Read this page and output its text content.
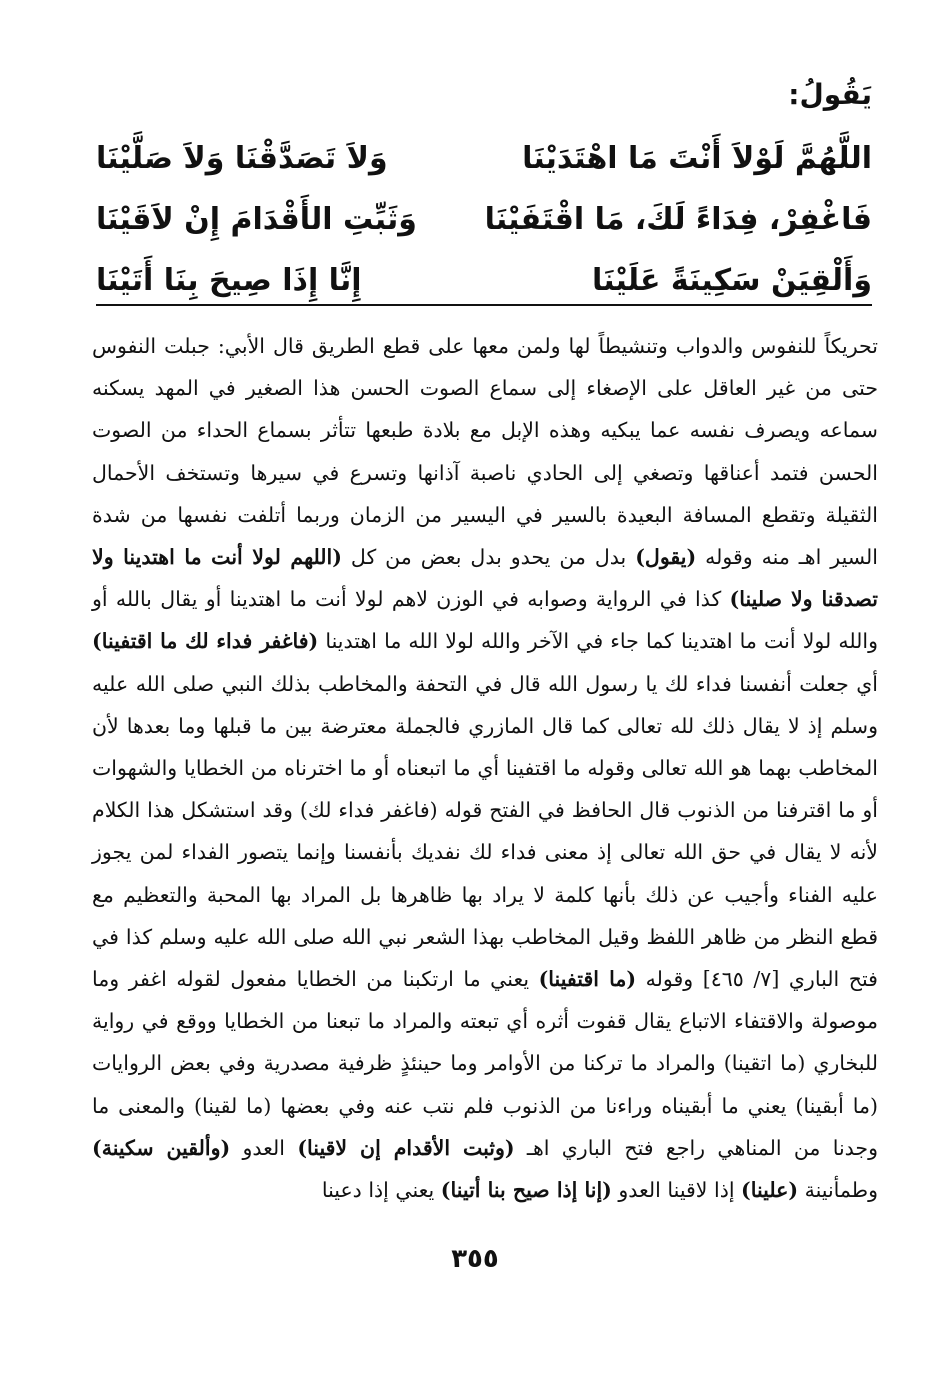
يَقُولُ:
اللَّهُمَّ لَوْلاَ أَنْتَ مَا اهْتَدَيْنَا
وَلاَ تَصَدَّقْنَا وَلاَ صَلَّيْنَا
فَاغْفِرْ، فِدَاءً لَكَ، مَا اقْتَفَيْنَا
وَثَبِّتِ الأَقْدَامَ إِنْ لاَقَيْنَا
وَأَلْقِيَنْ سَكِينَةً عَلَيْنَا
إِنَّا إِذَا صِيحَ بِنَا أَتَيْنَا
تحريكاً للنفوس والدواب وتنشيطاً لها ولمن معها على قطع الطريق قال الأبي: جبلت النفوس حتى من غير العاقل على الإصغاء إلى سماع الصوت الحسن هذا الصغير في المهد يسكنه سماعه ويصرف نفسه عما يبكيه وهذه الإبل مع بلادة طبعها تتأثر بسماع الحداء من الصوت الحسن فتمد أعناقها وتصغي إلى الحادي ناصبة آذانها وتسرع في سيرها وتستخف الأحمال الثقيلة وتقطع المسافة البعيدة بالسير في اليسير من الزمان وربما أتلفت نفسها من شدة السير اهـ منه وقوله (يقول) بدل من يحدو بدل بعض من كل (اللهم لولا أنت ما اهتدينا ولا تصدقنا ولا صلينا) كذا في الرواية وصوابه في الوزن لاهم لولا أنت ما اهتدينا أو يقال بالله أو والله لولا أنت ما اهتدينا كما جاء في الآخر والله لولا الله ما اهتدينا (فاغفر فداء لك ما اقتفينا) أي جعلت أنفسنا فداء لك يا رسول الله قال في التحفة والمخاطب بذلك النبي صلى الله عليه وسلم إذ لا يقال ذلك لله تعالى كما قال المازري فالجملة معترضة بين ما قبلها وما بعدها لأن المخاطب بهما هو الله تعالى وقوله ما اقتفينا أي ما اتبعناه أو ما اخترناه من الخطايا والشهوات أو ما اقترفنا من الذنوب قال الحافظ في الفتح قوله (فاغفر فداء لك) وقد استشكل هذا الكلام لأنه لا يقال في حق الله تعالى إذ معنى فداء لك نفديك بأنفسنا وإنما يتصور الفداء لمن يجوز عليه الفناء وأجيب عن ذلك بأنها كلمة لا يراد بها ظاهرها بل المراد بها المحبة والتعظيم مع قطع النظر من ظاهر اللفظ وقيل المخاطب بهذا الشعر نبي الله صلى الله عليه وسلم كذا في فتح الباري [٧/ ٤٦٥] وقوله (ما اقتفينا) يعني ما ارتكبنا من الخطايا مفعول لقوله اغفر وما موصولة والاقتفاء الاتباع يقال قفوت أثره أي تبعته والمراد ما تبعنا من الخطايا ووقع في رواية للبخاري (ما اتقينا) والمراد ما تركنا من الأوامر وما حينئذٍ ظرفية مصدرية وفي بعض الروايات (ما أبقينا) يعني ما أبقيناه وراءنا من الذنوب فلم نتب عنه وفي بعضها (ما لقينا) والمعنى ما وجدنا من المناهي راجع فتح الباري اهـ (وثبت الأقدام إن لاقينا) العدو (وألقين سكينة) وطمأنينة (علينا) إذا لاقينا العدو (إنا إذا صيح بنا أتينا) يعني إذا دعينا
٣٥٥
